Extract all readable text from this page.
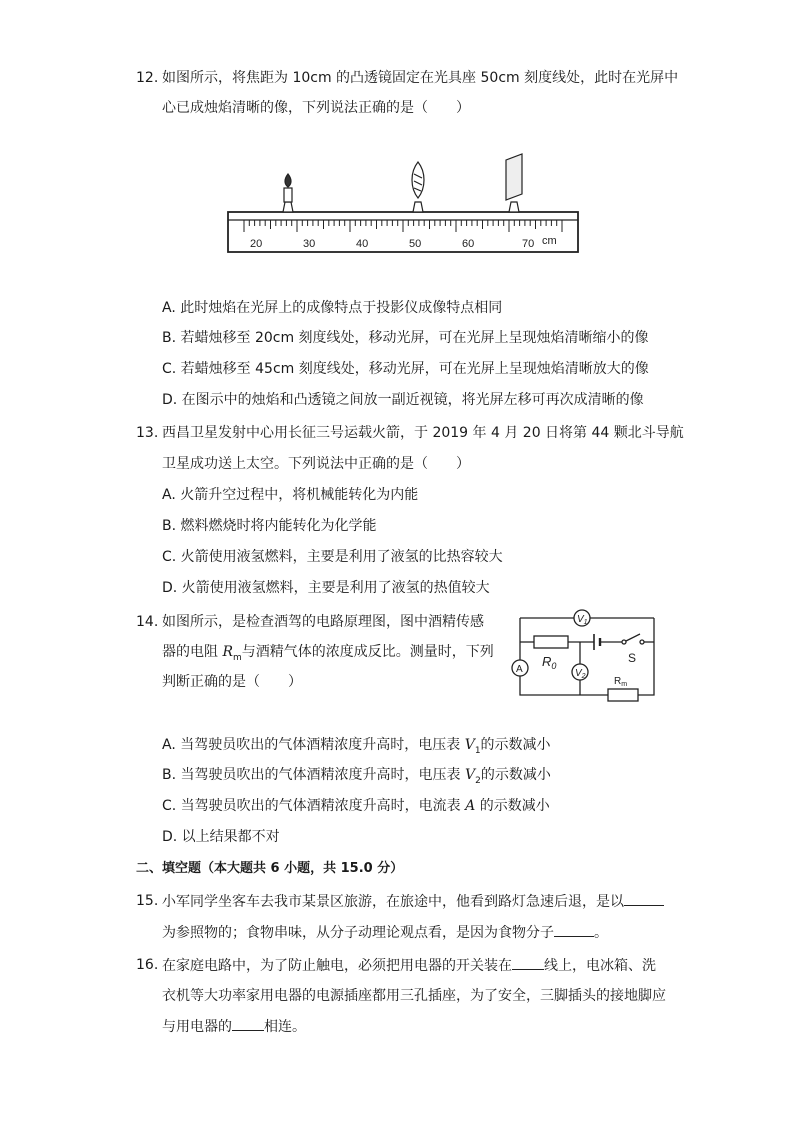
12. 如图所示，将焦距为 10cm 的凸透镜固定在光具座 50cm 刻度线处，此时在光屏中
心已成烛焰清晰的像，下列说法正确的是（　　）
20	30	40	50	60	70 cm
A. 此时烛焰在光屏上的成像特点于投影仪成像特点相同
B. 若蜡烛移至 20cm 刻度线处，移动光屏，可在光屏上呈现烛焰清晰缩小的像
C. 若蜡烛移至 45cm 刻度线处，移动光屏，可在光屏上呈现烛焰清晰放大的像
D. 在图示中的烛焰和凸透镜之间放一副近视镜，将光屏左移可再次成清晰的像
13. 西昌卫星发射中心用长征三号运载火箭，于 2019 年 4 月 20 日将第 44 颗北斗导航
卫星成功送上太空。下列说法中正确的是（　　）
A. 火箭升空过程中，将机械能转化为内能
B. 燃料燃烧时将内能转化为化学能
C. 火箭使用液氢燃料，主要是利用了液氢的比热容较大
D. 火箭使用液氢燃料，主要是利用了液氢的热值较大
14. 如图所示，是检查酒驾的电路原理图，图中酒精传感
器的电阻 $R_m$与酒精气体的浓度成反比。测量时，下列
判断正确的是（　　）
$V_1$
A	$V_2$
$R_0$
S
$R_m$
A. 当驾驶员吹出的气体酒精浓度升高时，电压表 $V_1$的示数减小
B. 当驾驶员吹出的气体酒精浓度升高时，电压表 $V_2$的示数减小
C. 当驾驶员吹出的气体酒精浓度升高时，电流表 A 的示数减小
D. 以上结果都不对
二、填空题（本大题共 6 小题，共 15.0 分）
15. 小军同学坐客车去我市某景区旅游，在旅途中，他看到路灯急速后退，是以
为参照物的；食物串味，从分子动理论观点看，是因为食物分子	。
16. 在家庭电路中，为了防止触电，必须把用电器的开关装在 线上，电冰箱、洗
衣机等大功率家用电器的电源插座都用三孔插座，为了安全，三脚插头的接地脚应
与用电器的 相连。
